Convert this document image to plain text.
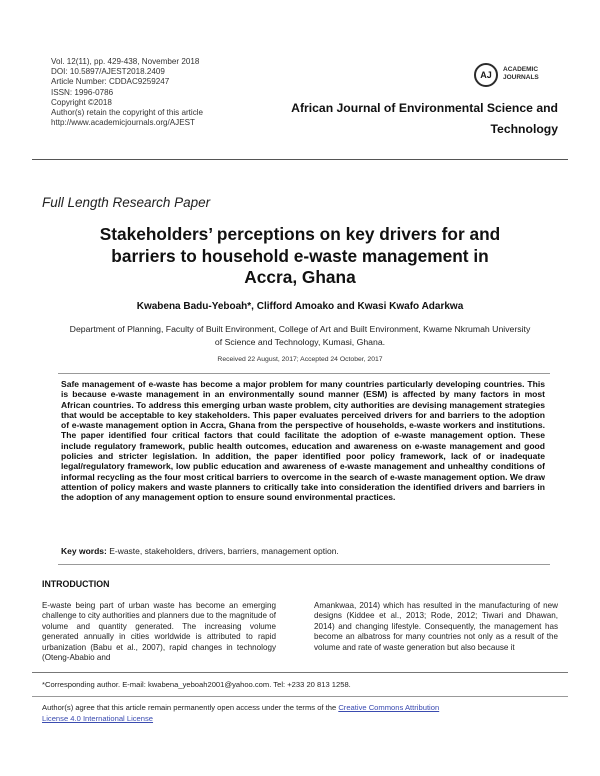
Vol. 12(11), pp. 429-438, November 2018
DOI: 10.5897/AJEST2018.2409
Article Number: CDDAC9259247
ISSN: 1996-0786
Copyright ©2018
Author(s) retain the copyright of this article
http://www.academicjournals.org/AJEST
AJ
ACADEMIC
JOURNALS
African Journal of Environmental Science and
Technology
Full Length Research Paper
Stakeholders’ perceptions on key drivers for and
barriers to household e-waste management in
Accra, Ghana
Kwabena Badu-Yeboah*, Clifford Amoako and Kwasi Kwafo Adarkwa
Department of Planning, Faculty of Built Environment, College of Art and Built Environment, Kwame Nkrumah University
of Science and Technology, Kumasi, Ghana.
Received 22 August, 2017; Accepted 24 October, 2017
Safe management of e-waste has become a major problem for many countries particularly developing countries. This is because e-waste management in an environmentally sound manner (ESM) is affected by many factors in most African countries. To address this emerging urban waste problem, city authorities are devising management strategies that would be acceptable to key stakeholders. This paper evaluates perceived drivers for and barriers to the adoption of e-waste management option in Accra, Ghana from the perspective of households, e-waste workers and institutions. The paper identified four critical factors that could facilitate the adoption of e-waste management option. These include regulatory framework, public health outcomes, education and awareness on e-waste management and good policies and stricter legislation. In addition, the paper identified poor policy framework, lack of or inadequate legal/regulatory framework, low public education and awareness of e-waste management and unhealthy conditions of informal recycling as the four most critical barriers to overcome in the search of e-waste management option. We draw attention of policy makers and waste planners to critically take into consideration the identified drivers and barriers in the adoption of any management option to ensure sound environmental practices.
Key words: E-waste, stakeholders, drivers, barriers, management option.
INTRODUCTION
E-waste being part of urban waste has become an emerging challenge to city authorities and planners due to the magnitude of volume and quantity generated. The increasing volume generated annually in cities worldwide is attributed to rapid urbanization (Babu et al., 2007), rapid changes in technology (Oteng-Ababio and
Amankwaa, 2014) which has resulted in the manufacturing of new designs (Kiddee et al., 2013; Rode, 2012; Tiwari and Dhawan, 2014) and changing lifestyle. Consequently, the management has become an albatross for many countries not only as a result of the volume and rate of waste generation but also because it
*Corresponding author. E-mail: kwabena_yeboah2001@yahoo.com. Tel: +233 20 813 1258.
Author(s) agree that this article remain permanently open access under the terms of the Creative Commons Attribution
License 4.0 International License
